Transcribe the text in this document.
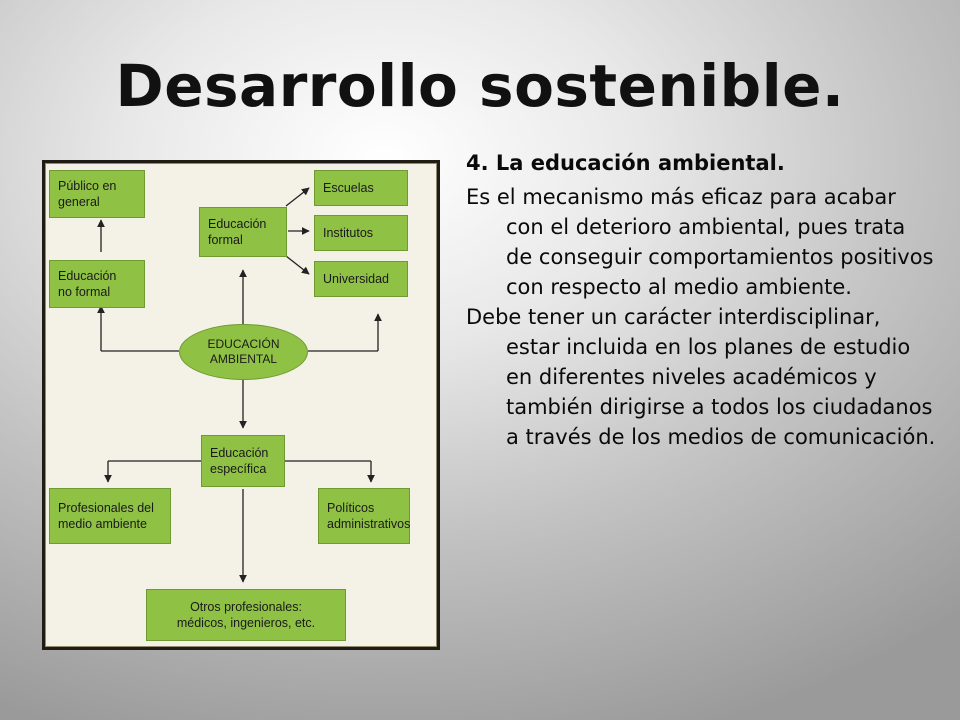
Desarrollo sostenible.
Público en
general
Educación
no formal
Educación
formal
Escuelas
Institutos
Universidad
EDUCACIÓN
AMBIENTAL
Educación
específica
Profesionales del
medio ambiente
Políticos
administrativos
Otros profesionales:
médicos, ingenieros, etc.

4. La educación ambiental.

Es el mecanismo más eficaz para acabar con el deterioro ambiental, pues trata de conseguir comportamientos positivos con respecto al medio ambiente.

Debe tener un carácter interdisciplinar, estar incluida en los planes de estudio en diferentes niveles académicos y también dirigirse a todos los ciudadanos a través de los medios de comunicación.
